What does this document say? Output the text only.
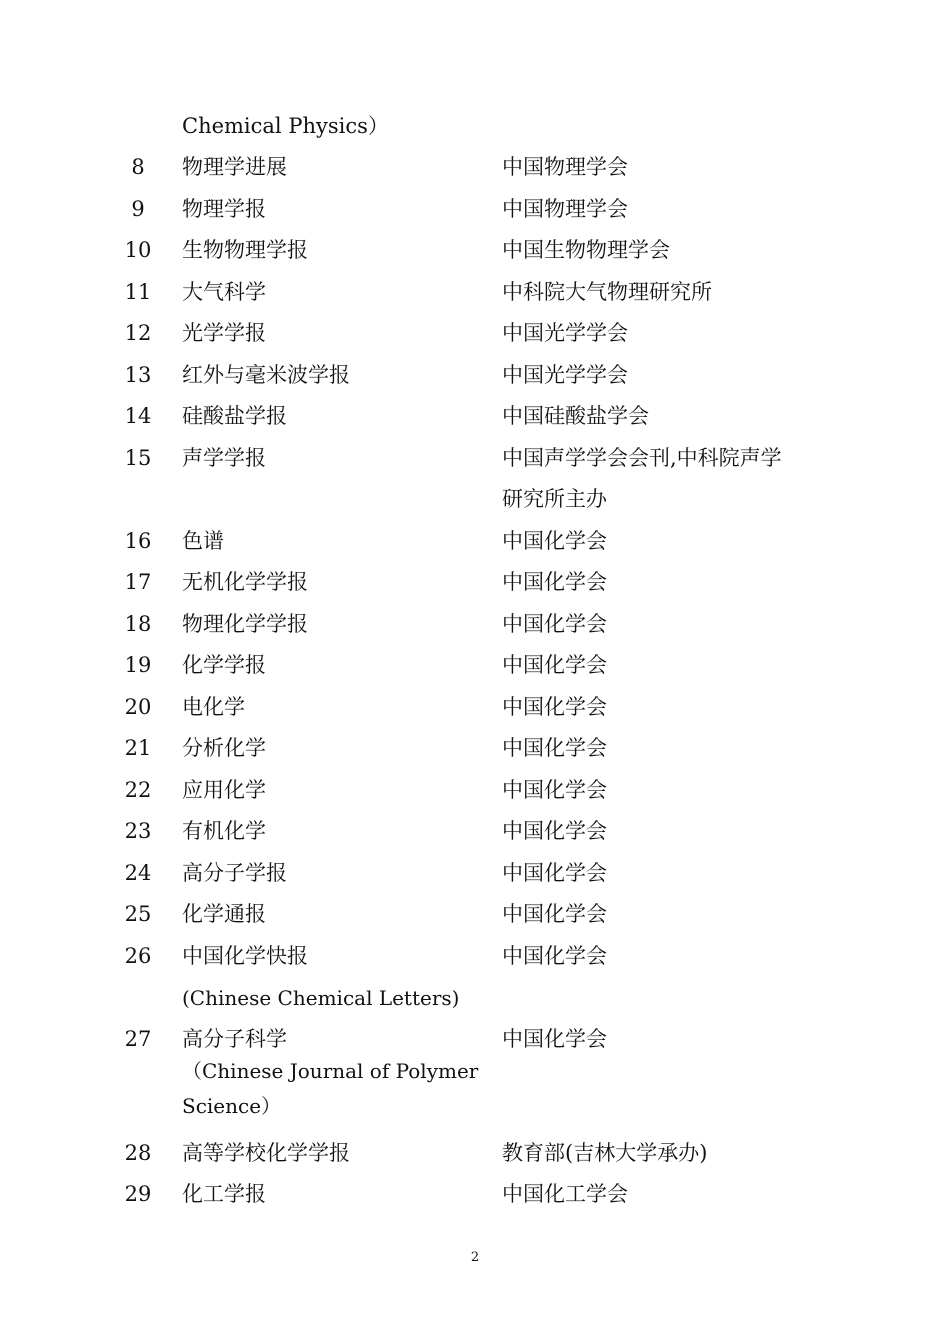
Chemical Physics）
8	物理学进展	中国物理学会
9	物理学报	中国物理学会
10	生物物理学报	中国生物物理学会
11	大气科学	中科院大气物理研究所
12	光学学报	中国光学学会
13	红外与毫米波学报	中国光学学会
14	硅酸盐学报	中国硅酸盐学会
15	声学学报	中国声学学会会刊,中科院声学
研究所主办
16	色谱	中国化学会
17	无机化学学报	中国化学会
18	物理化学学报	中国化学会
19	化学学报	中国化学会
20	电化学	中国化学会
21	分析化学	中国化学会
22	应用化学	中国化学会
23	有机化学	中国化学会
24	高分子学报	中国化学会
25	化学通报	中国化学会
26	中国化学快报	中国化学会
(Chinese Chemical Letters)
27	高分子科学	中国化学会
（Chinese Journal of Polymer
Science）
28	高等学校化学学报	教育部(吉林大学承办)
29	化工学报	中国化工学会
2
